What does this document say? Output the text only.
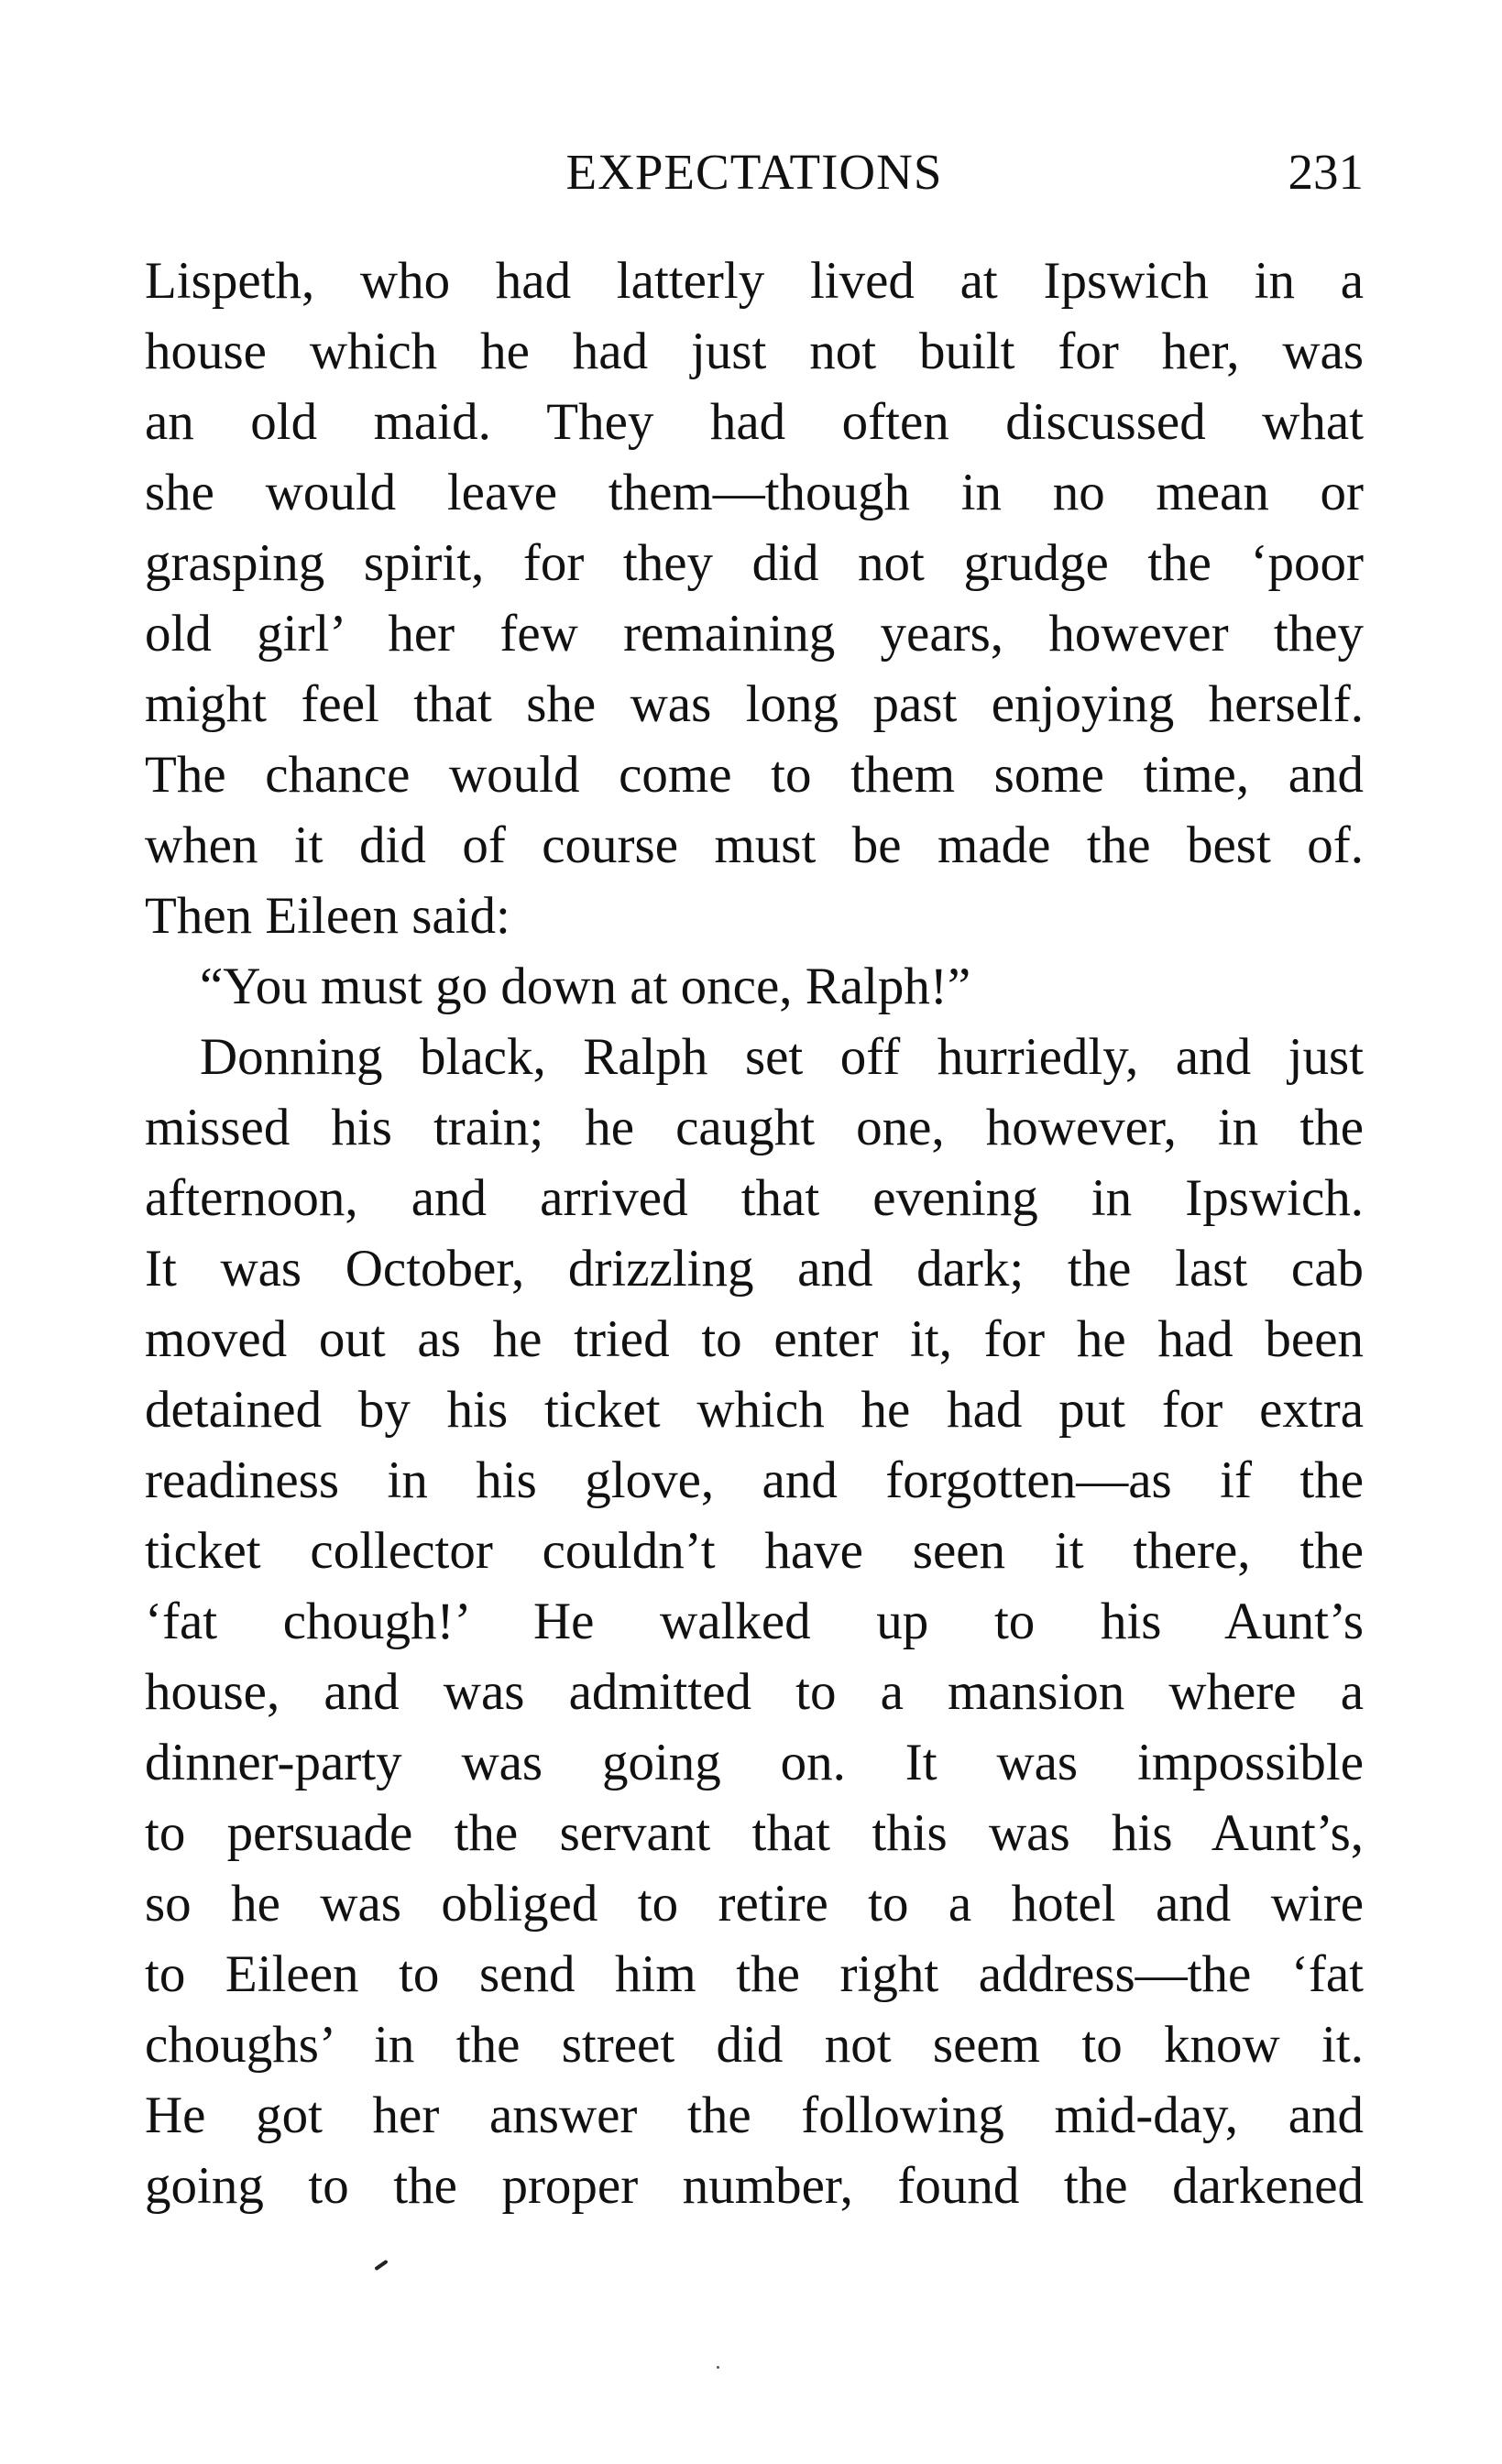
EXPECTATIONS	231
Lispeth, who had latterly lived at Ipswich in a
house which he had just not built for her, was
an old maid. They had often discussed what
she would leave them—though in no mean or
grasping spirit, for they did not grudge the ‘poor
old girl’ her few remaining years, however they
might feel that she was long past enjoying herself.
The chance would come to them some time, and
when it did of course must be made the best of.
Then Eileen said:
“You must go down at once, Ralph!”
Donning black, Ralph set off hurriedly, and just
missed his train; he caught one, however, in the
afternoon, and arrived that evening in Ipswich.
It was October, drizzling and dark; the last cab
moved out as he tried to enter it, for he had been
detained by his ticket which he had put for extra
readiness in his glove, and forgotten—as if the
ticket collector couldn’t have seen it there, the
‘fat chough!’ He walked up to his Aunt’s
house, and was admitted to a mansion where a
dinner-party was going on. It was impossible
to persuade the servant that this was his Aunt’s,
so he was obliged to retire to a hotel and wire
to Eileen to send him the right address—the ‘fat
choughs’ in the street did not seem to know it.
He got her answer the following mid-day, and
going to the proper number, found the darkened
